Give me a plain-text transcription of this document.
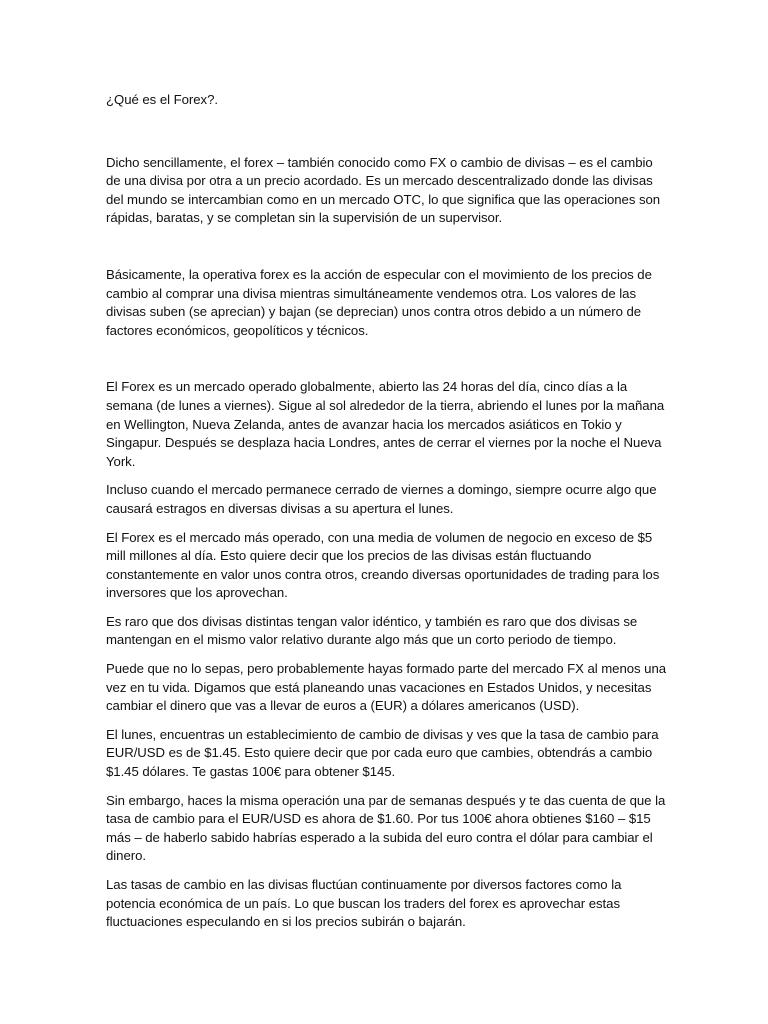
¿Qué es el Forex?.

Dicho sencillamente, el forex – también conocido como FX o cambio de divisas – es el cambio de una divisa por otra a un precio acordado. Es un mercado descentralizado donde las divisas del mundo se intercambian como en un mercado OTC, lo que significa que las operaciones son rápidas, baratas, y se completan sin la supervisión de un supervisor.

Básicamente, la operativa forex es la acción de especular con el movimiento de los precios de cambio al comprar una divisa mientras simultáneamente vendemos otra. Los valores de las divisas suben (se aprecian) y bajan (se deprecian) unos contra otros debido a un número de factores económicos, geopolíticos y técnicos.

El Forex es un mercado operado globalmente, abierto las 24 horas del día, cinco días a la semana (de lunes a viernes). Sigue al sol alrededor de la tierra, abriendo el lunes por la mañana en Wellington, Nueva Zelanda, antes de avanzar hacia los mercados asiáticos en Tokio y Singapur. Después se desplaza hacia Londres, antes de cerrar el viernes por la noche el Nueva York.

Incluso cuando el mercado permanece cerrado de viernes a domingo, siempre ocurre algo que causará estragos en diversas divisas a su apertura el lunes.

El Forex es el mercado más operado, con una media de volumen de negocio en exceso de $5 mill millones al día. Esto quiere decir que los precios de las divisas están fluctuando constantemente en valor unos contra otros, creando diversas oportunidades de trading para los inversores que los aprovechan.

Es raro que dos divisas distintas tengan valor idéntico, y también es raro que dos divisas se mantengan en el mismo valor relativo durante algo más que un corto periodo de tiempo.

Puede que no lo sepas, pero probablemente hayas formado parte del mercado FX al menos una vez en tu vida. Digamos que está planeando unas vacaciones en Estados Unidos, y necesitas cambiar el dinero que vas a llevar de euros a (EUR) a dólares americanos (USD).

El lunes, encuentras un establecimiento de cambio de divisas y ves que la tasa de cambio para EUR/USD es de $1.45. Esto quiere decir que por cada euro que cambies, obtendrás a cambio $1.45 dólares. Te gastas 100€ para obtener $145.

Sin embargo, haces la misma operación una par de semanas después y te das cuenta de que la tasa de cambio para el EUR/USD es ahora de $1.60. Por tus 100€ ahora obtienes $160 – $15 más – de haberlo sabido habrías esperado a la subida del euro contra el dólar para cambiar el dinero.

Las tasas de cambio en las divisas fluctúan continuamente por diversos factores como la potencia económica de un país. Lo que buscan los traders del forex es aprovechar estas fluctuaciones especulando en si los precios subirán o bajarán.
